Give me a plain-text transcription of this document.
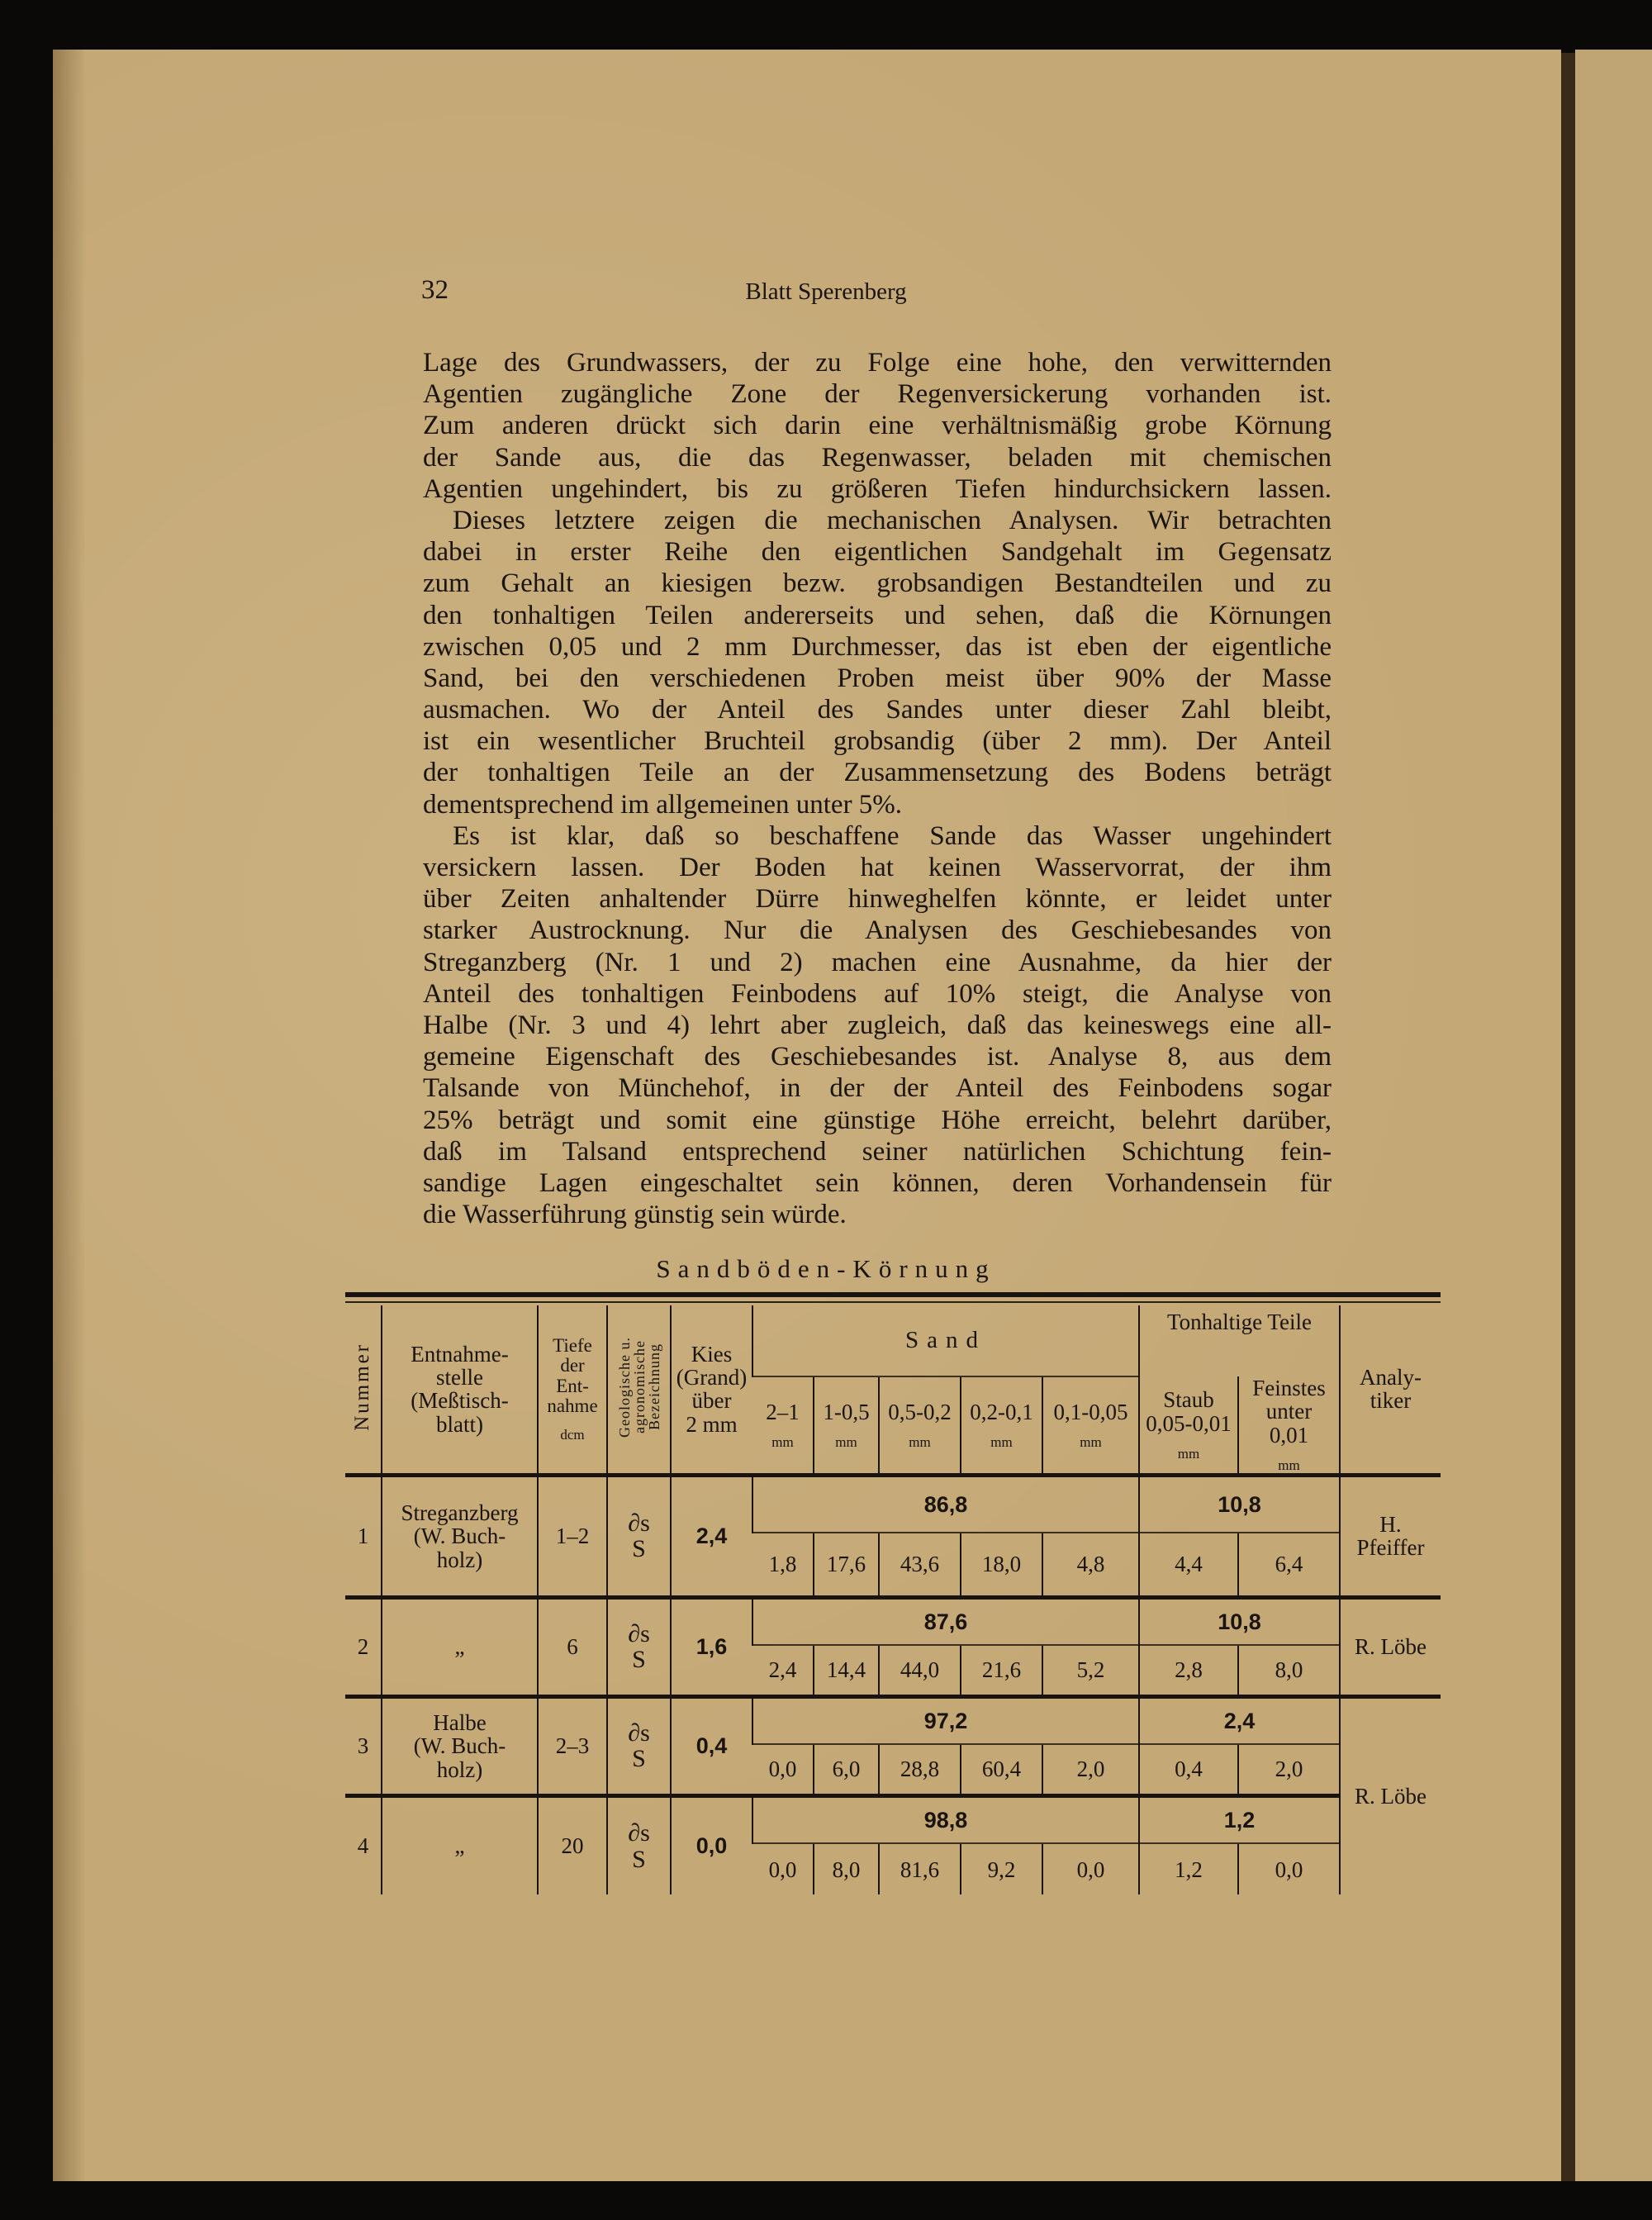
32	Blatt Sperenberg
Lage des Grundwassers, der zu Folge eine hohe, den verwitternden
Agentien zugängliche Zone der Regenversickerung vorhanden ist.
Zum anderen drückt sich darin eine verhältnismäßig grobe Körnung
der Sande aus, die das Regenwasser, beladen mit chemischen
Agentien ungehindert, bis zu größeren Tiefen hindurchsickern lassen.
Dieses letztere zeigen die mechanischen Analysen. Wir betrachten
dabei in erster Reihe den eigentlichen Sandgehalt im Gegensatz
zum Gehalt an kiesigen bezw. grobsandigen Bestandteilen und zu
den tonhaltigen Teilen andererseits und sehen, daß die Körnungen
zwischen 0,05 und 2 mm Durchmesser, das ist eben der eigentliche
Sand, bei den verschiedenen Proben meist über 90% der Masse
ausmachen. Wo der Anteil des Sandes unter dieser Zahl bleibt,
ist ein wesentlicher Bruchteil grobsandig (über 2 mm). Der Anteil
der tonhaltigen Teile an der Zusammensetzung des Bodens beträgt
dementsprechend im allgemeinen unter 5%.
Es ist klar, daß so beschaffene Sande das Wasser ungehindert
versickern lassen. Der Boden hat keinen Wasservorrat, der ihm
über Zeiten anhaltender Dürre hinweghelfen könnte, er leidet unter
starker Austrocknung. Nur die Analysen des Geschiebesandes von
Streganzberg (Nr. 1 und 2) machen eine Ausnahme, da hier der
Anteil des tonhaltigen Feinbodens auf 10% steigt, die Analyse von
Halbe (Nr. 3 und 4) lehrt aber zugleich, daß das keineswegs eine all-
gemeine Eigenschaft des Geschiebesandes ist. Analyse 8, aus dem
Talsande von Münchehof, in der der Anteil des Feinbodens sogar
25% beträgt und somit eine günstige Höhe erreicht, belehrt darüber,
daß im Talsand entsprechend seiner natürlichen Schichtung fein-
sandige Lagen eingeschaltet sein können, deren Vorhandensein für
die Wasserführung günstig sein würde.
Sandböden-Körnung
Nummer	Entnahme-
stelle
(Meßtisch-
blatt)	Tiefe
der
Ent-
nahme
dcm	Geologische u.
agronomische
Bezeichnung	Kies
(Grand)
über
2 mm	Sand					Tonhaltige Teile		Analy-
tiker

					2–1
mm	1-0,5
mm	0,5-0,2
mm	0,2-0,1
mm	0,1-0,05
mm	Staub
0,05-0,01
mm	Feinstes
unter
0,01
mm	

1	Streganzberg
(W. Buch-
holz)	1–2	∂s
S	2,4	86,8					10,8		H. Pfeiffer
					1,8	17,6	43,6	18,0	4,8	4,4	6,4	
2	„	6	∂s
S	1,6	87,6					10,8		R. Löbe
					2,4	14,4	44,0	21,6	5,2	2,8	8,0	
3	Halbe
(W. Buch-
holz)	2–3	∂s
S	0,4	97,2					2,4		R. Löbe
					0,0	6,0	28,8	60,4	2,0	0,4	2,0	
4	„	20	∂s
S	0,0	98,8					1,2		
					0,0	8,0	81,6	9,2	0,0	1,2	0,0	
